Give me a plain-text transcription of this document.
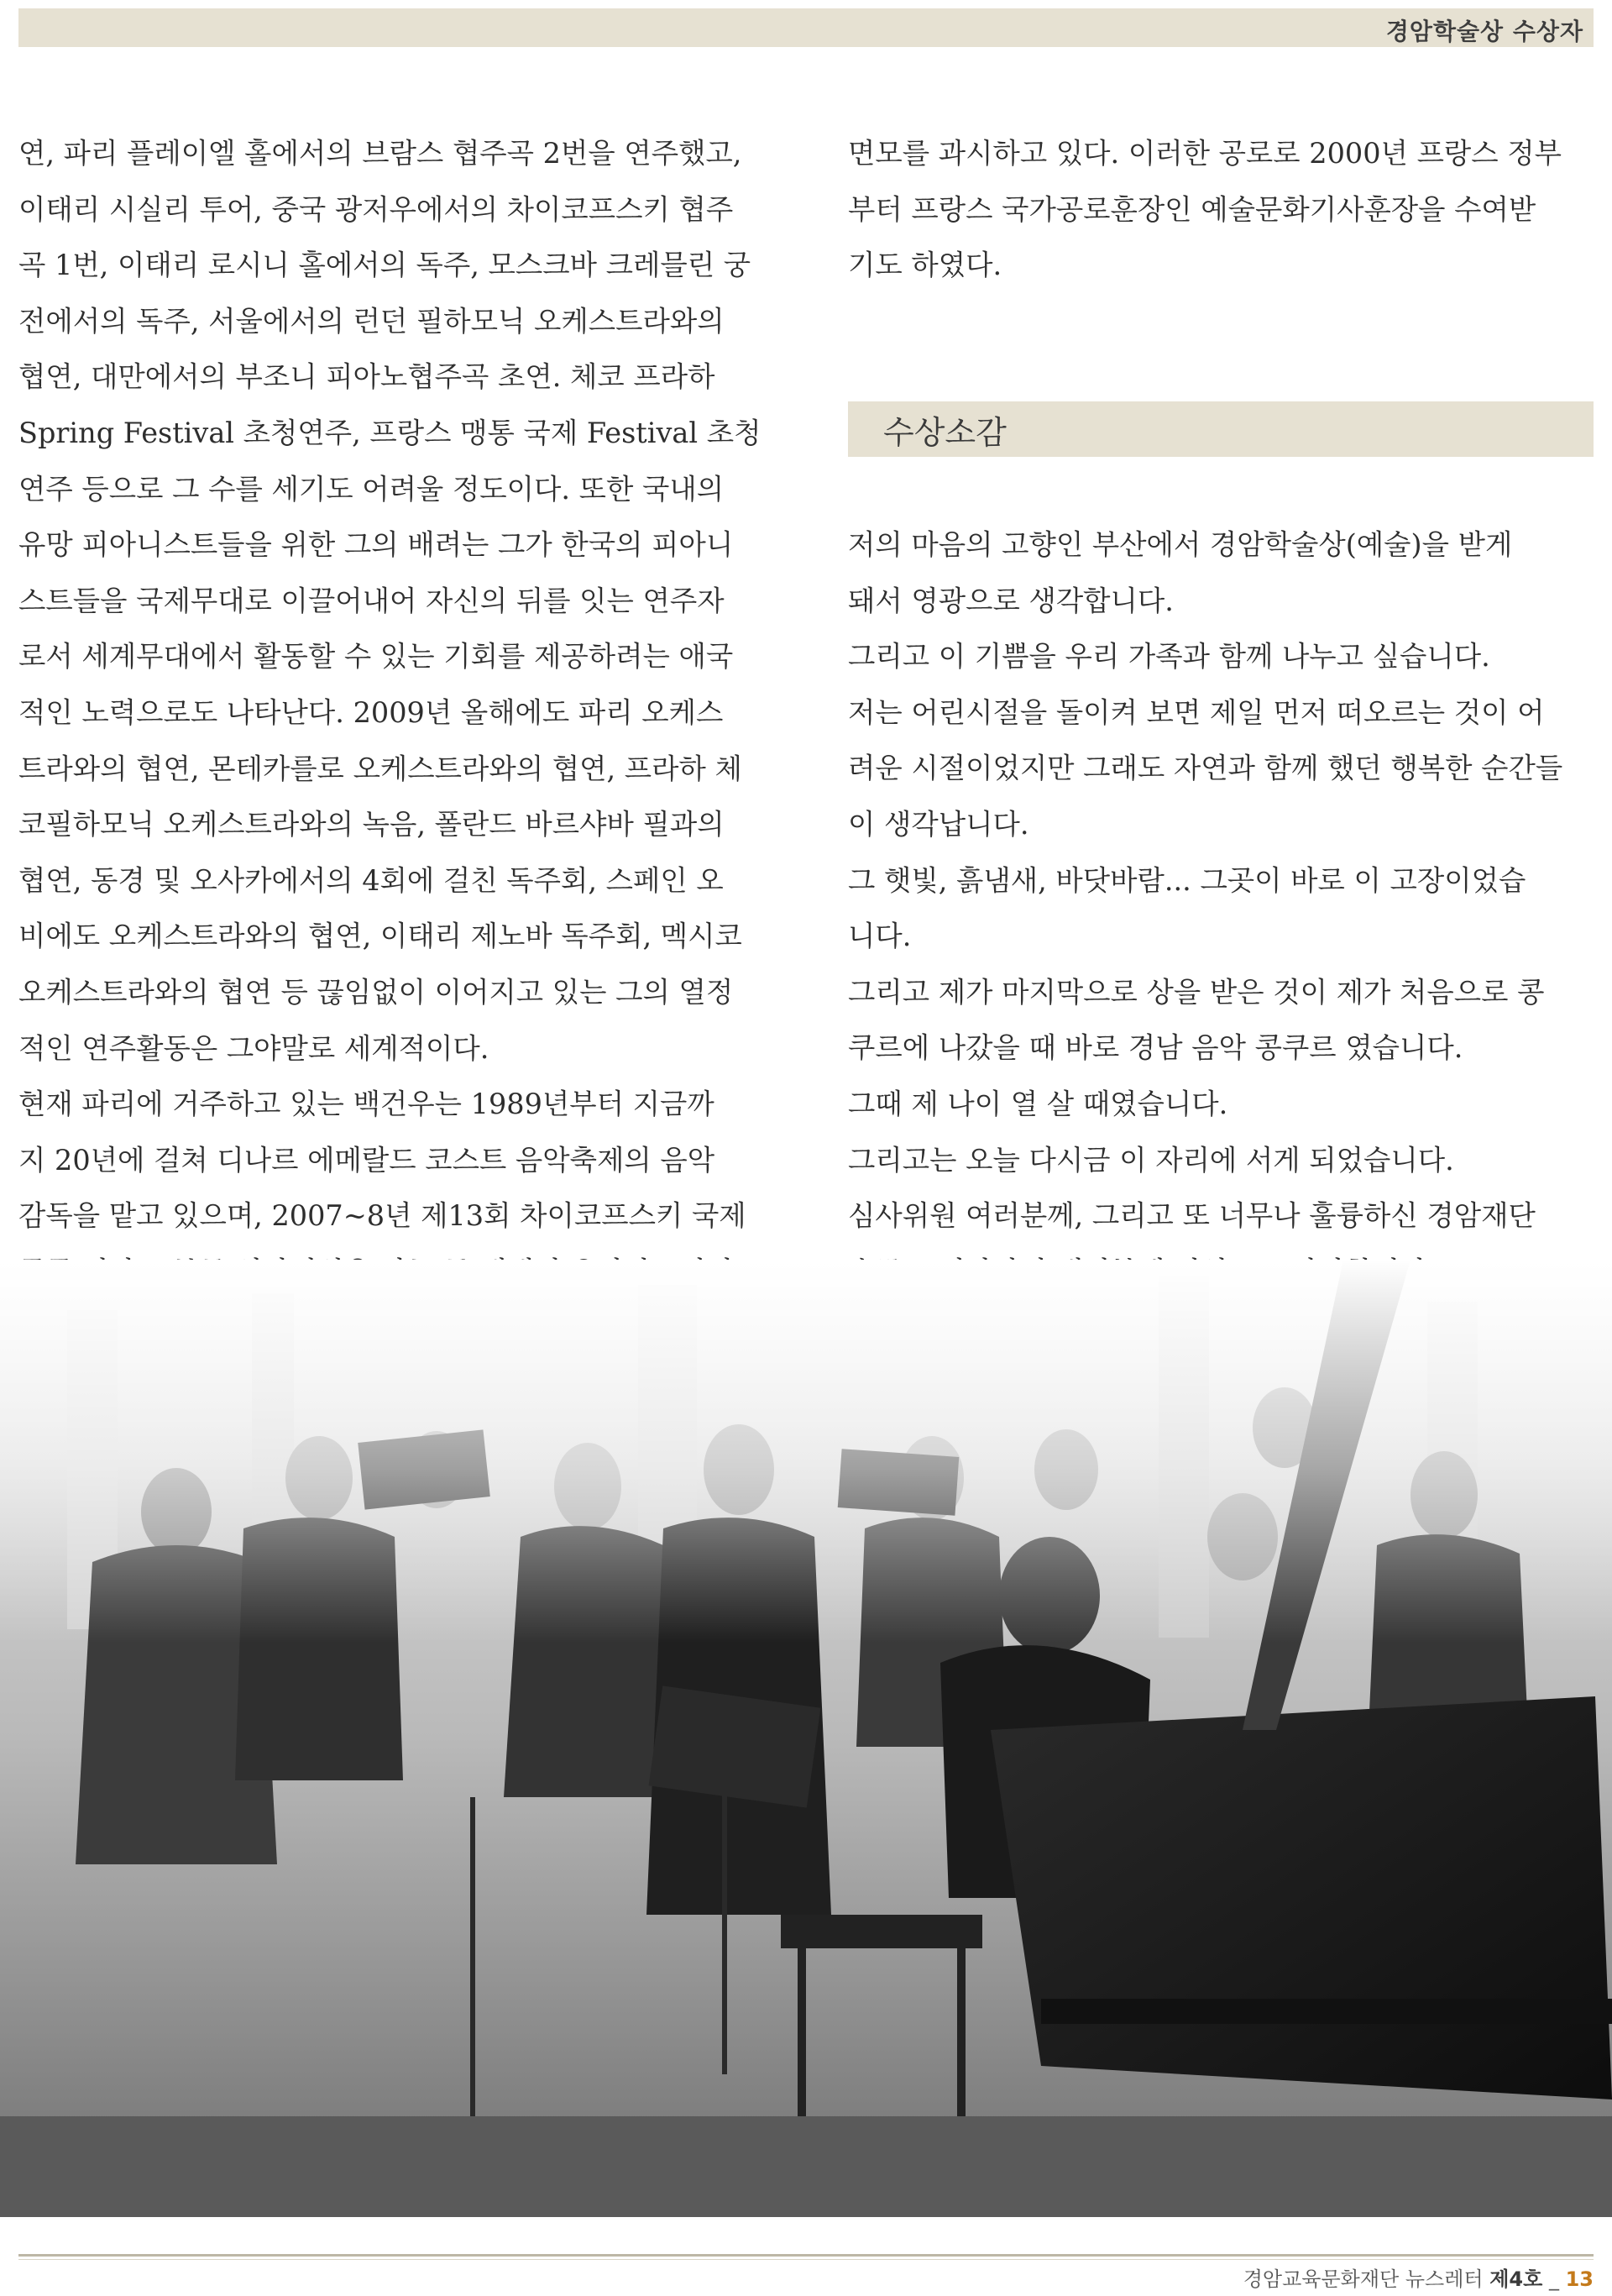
경암학술상 수상자
연, 파리 플레이엘 홀에서의 브람스 협주곡 2번을 연주했고,
이태리 시실리 투어, 중국 광저우에서의 차이코프스키 협주
곡 1번, 이태리 로시니 홀에서의 독주, 모스크바 크레믈린 궁
전에서의 독주, 서울에서의 런던 필하모닉 오케스트라와의
협연, 대만에서의 부조니 피아노협주곡 초연. 체코 프라하
Spring Festival 초청연주, 프랑스 맹통 국제 Festival 초청
연주 등으로 그 수를 세기도 어려울 정도이다. 또한 국내의
유망 피아니스트들을 위한 그의 배려는 그가 한국의 피아니
스트들을 국제무대로 이끌어내어 자신의 뒤를 잇는 연주자
로서 세계무대에서 활동할 수 있는 기회를 제공하려는 애국
적인 노력으로도 나타난다. 2009년 올해에도 파리 오케스
트라와의 협연, 몬테카를로 오케스트라와의 협연, 프라하 체
코필하모닉 오케스트라와의 녹음, 폴란드 바르샤바 필과의
협연, 동경 및 오사카에서의 4회에 걸친 독주회, 스페인 오
비에도 오케스트라와의 협연, 이태리 제노바 독주회, 멕시코
오케스트라와의 협연 등 끊임없이 이어지고 있는 그의 열정
적인 연주활동은 그야말로 세계적이다.
현재 파리에 거주하고 있는 백건우는 1989년부터 지금까
지 20년에 걸쳐 디나르 에메랄드 코스트 음악축제의 음악
감독을 맡고 있으며, 2007~8년 제13회 차이코프스키 국제
면모를 과시하고 있다. 이러한 공로로 2000년 프랑스 정부
부터 프랑스 국가공로훈장인 예술문화기사훈장을 수여받
기도 하였다.
수상소감
저의 마음의 고향인 부산에서 경암학술상(예술)을 받게
돼서 영광으로 생각합니다.
그리고 이 기쁨을 우리 가족과 함께 나누고 싶습니다.
저는 어린시절을 돌이켜 보면 제일 먼저 떠오르는 것이 어
려운 시절이었지만 그래도 자연과 함께 했던 행복한 순간들
이 생각납니다.
그 햇빛, 흙냄새, 바닷바람... 그곳이 바로 이 고장이었습
니다.
그리고 제가 마지막으로 상을 받은 것이 제가 처음으로 콩
쿠르에 나갔을 때 바로 경남 음악 콩쿠르 였습니다.
그때 제 나이 열 살 때였습니다.
그리고는 오늘 다시금 이 자리에 서게 되었습니다.
심사위원 여러분께, 그리고 또 너무나 훌륭하신 경암재단
경암교육문화재단 뉴스레터 제4호 _ 13
